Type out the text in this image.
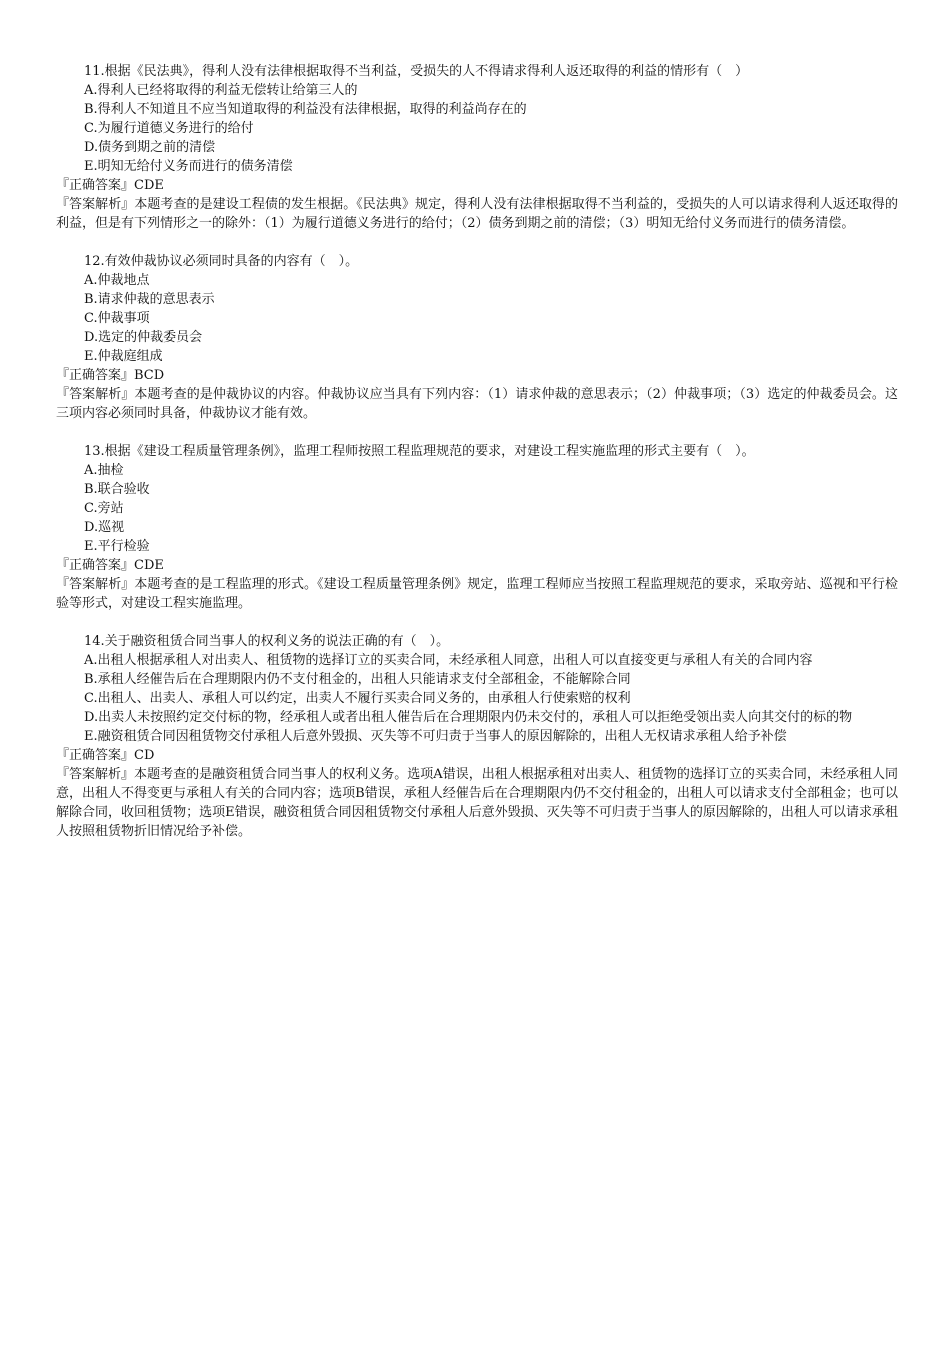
11.根据《民法典》，得利人没有法律根据取得不当利益，受损失的人不得请求得利人返还取得的利益的情形有（　）

A.得利人已经将取得的利益无偿转让给第三人的

B.得利人不知道且不应当知道取得的利益没有法律根据，取得的利益尚存在的

C.为履行道德义务进行的给付

D.债务到期之前的清偿

E.明知无给付义务而进行的债务清偿

『正确答案』CDE

『答案解析』本题考查的是建设工程债的发生根据。《民法典》规定，得利人没有法律根据取得不当利益的，受损失的人可以请求得利人返还取得的利益，但是有下列情形之一的除外：（1）为履行道德义务进行的给付；（2）债务到期之前的清偿；（3）明知无给付义务而进行的债务清偿。

12.有效仲裁协议必须同时具备的内容有（　）。

A.仲裁地点

B.请求仲裁的意思表示

C.仲裁事项

D.选定的仲裁委员会

E.仲裁庭组成

『正确答案』BCD

『答案解析』本题考查的是仲裁协议的内容。仲裁协议应当具有下列内容：（1）请求仲裁的意思表示；（2）仲裁事项；（3）选定的仲裁委员会。这三项内容必须同时具备，仲裁协议才能有效。

13.根据《建设工程质量管理条例》，监理工程师按照工程监理规范的要求，对建设工程实施监理的形式主要有（　）。

A.抽检

B.联合验收

C.旁站

D.巡视

E.平行检验

『正确答案』CDE

『答案解析』本题考查的是工程监理的形式。《建设工程质量管理条例》规定，监理工程师应当按照工程监理规范的要求，采取旁站、巡视和平行检验等形式，对建设工程实施监理。

14.关于融资租赁合同当事人的权利义务的说法正确的有（　）。

A.出租人根据承租人对出卖人、租赁物的选择订立的买卖合同，未经承租人同意，出租人可以直接变更与承租人有关的合同内容

B.承租人经催告后在合理期限内仍不支付租金的，出租人只能请求支付全部租金，不能解除合同

C.出租人、出卖人、承租人可以约定，出卖人不履行买卖合同义务的，由承租人行使索赔的权利

D.出卖人未按照约定交付标的物，经承租人或者出租人催告后在合理期限内仍未交付的，承租人可以拒绝受领出卖人向其交付的标的物

E.融资租赁合同因租赁物交付承租人后意外毁损、灭失等不可归责于当事人的原因解除的，出租人无权请求承租人给予补偿

『正确答案』CD

『答案解析』本题考查的是融资租赁合同当事人的权利义务。选项A错误，出租人根据承租对出卖人、租赁物的选择订立的买卖合同，未经承租人同意，出租人不得变更与承租人有关的合同内容；选项B错误，承租人经催告后在合理期限内仍不交付租金的，出租人可以请求支付全部租金；也可以解除合同，收回租赁物；选项E错误，融资租赁合同因租赁物交付承租人后意外毁损、灭失等不可归责于当事人的原因解除的，出租人可以请求承租人按照租赁物折旧情况给予补偿。
